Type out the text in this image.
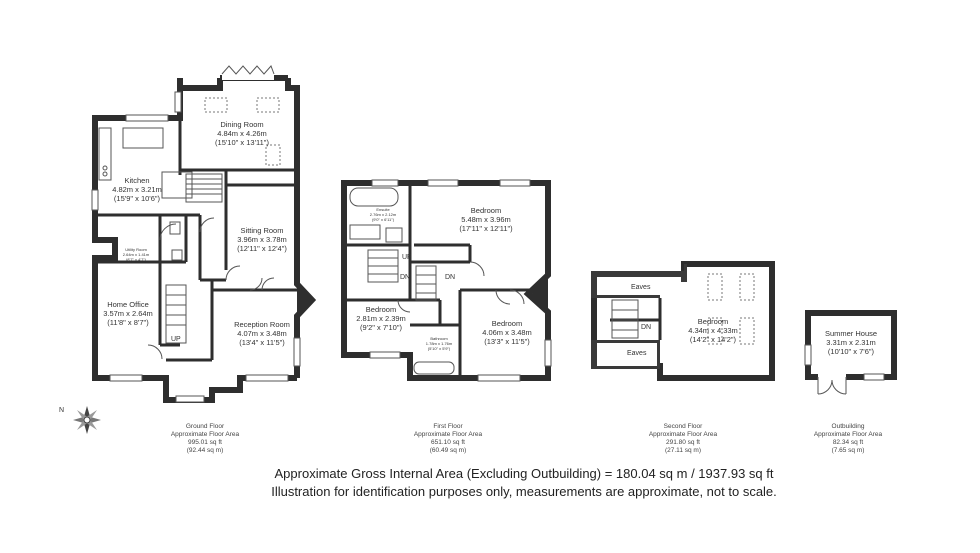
Dining Room
4.84m x 4.26m
(15'10" x 13'11")
Kitchen
4.82m x 3.21m
(15'9" x 10'6")
Sitting Room
3.96m x 3.78m
(12'11" x 12'4")
Utility Room
2.64m x 1.41m
(8'7" x 4'7")
Home Office
3.57m x 2.64m
(11'8" x 8'7")	Reception Room
4.07m x 3.48m
(13'4" x 11'5")
UP
N
Ensuite
2.76m x 2.12m
(9'0" x 6'11")
Bedroom
5.48m x 3.96m
(17'11" x 12'11")
Bedroom
2.81m x 2.39m
(9'2" x 7'10")
Bathroom
1.78m x 1.76m
(5'10" x 5'9")
Bedroom
4.06m x 3.48m
(13'3" x 11'5")
UP
DN	DN
Eaves
Eaves
DN
Bedroom
4.34m x 4.33m
(14'2" x 14'2")
Summer House
3.31m x 2.31m
(10'10" x 7'6")
Ground Floor
Approximate Floor Area
995.01 sq ft
(92.44 sq m)
First Floor
Approximate Floor Area
651.10 sq ft
(60.49 sq m)
Second Floor
Approximate Floor Area
291.80 sq ft
(27.11 sq m)
Outbuilding
Approximate Floor Area
82.34 sq ft
(7.65 sq m)
Approximate Gross Internal Area (Excluding Outbuilding) = 180.04 sq m / 1937.93 sq ft
Illustration for identification purposes only, measurements are approximate, not to scale.
